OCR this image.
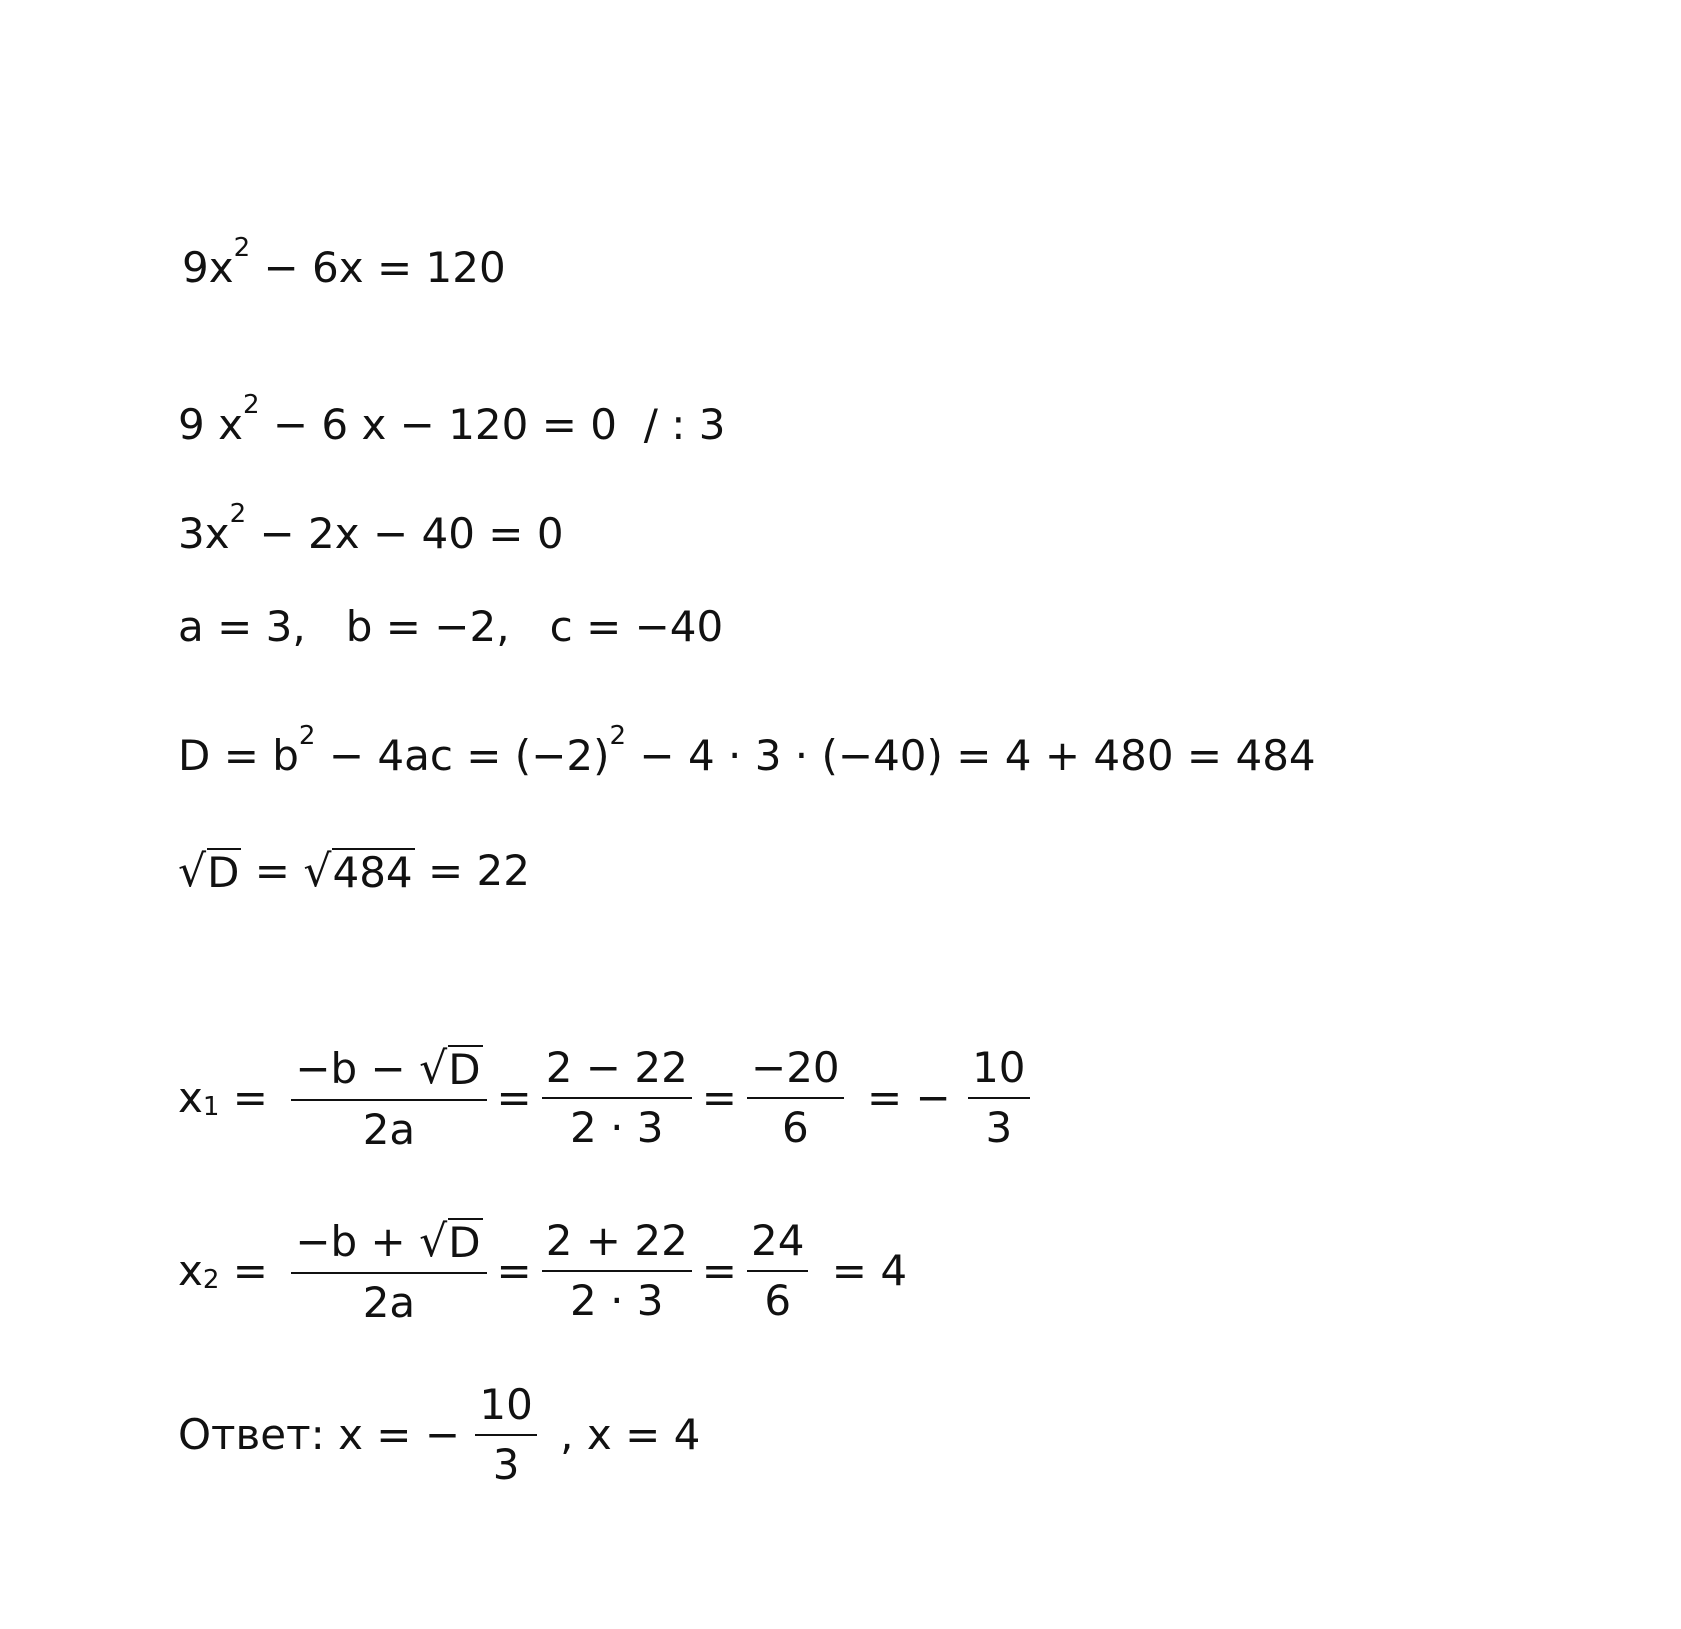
$9x^2 - 6x = 120$
9 $x^2 - 6$ x − 120 = 0  / : 3
$3x^2 - 2x - 40 = 0$
a = 3,   b = −2,   c = −40
$D = b^2 - 4ac = (-2)^2 - 4 \cdot 3 \cdot (-40) = 4 + 480 = 484$
√ D = √ 484 = 22
$x_1 = \frac{-b - √ D}{2a} = \frac{2 - 22}{2 \cdot 3} = \frac{-20}{6}$ = − $\frac{10}{3}$
$x_2 = \frac{-b + √ D}{2a} = \frac{2 + 22}{2 \cdot 3} = \frac{24}{6} = 4$
Ответ: x = − $\frac{10}{3}$ , x = 4
